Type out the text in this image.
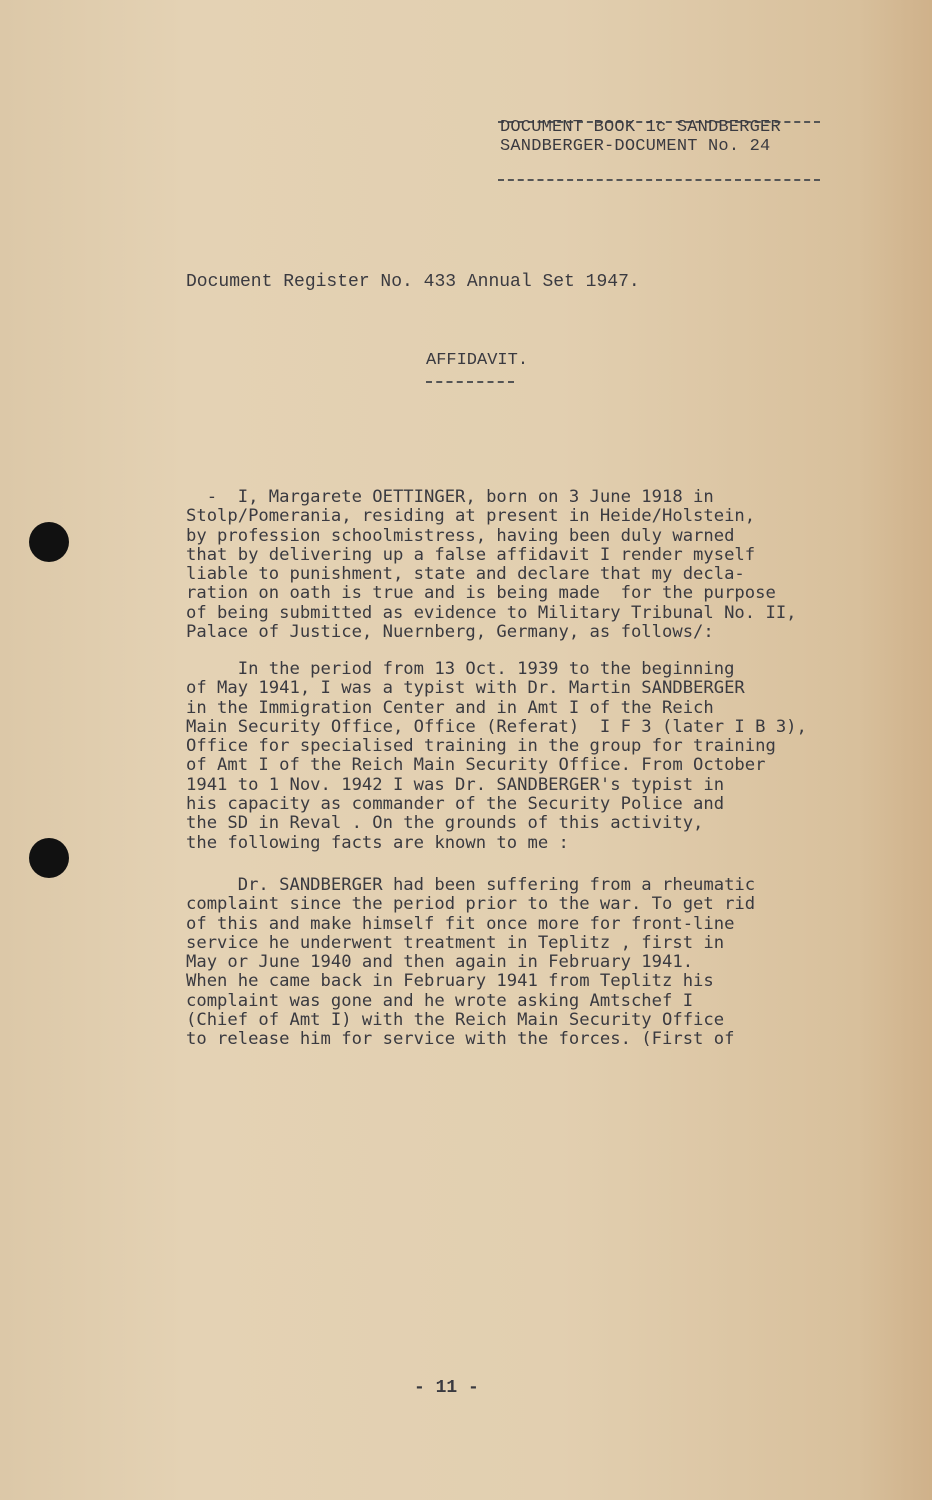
DOCUMENT BOOK 1c SANDBERGER
SANDBERGER-DOCUMENT No. 24
Document Register No. 433 Annual Set 1947.
AFFIDAVIT.
-  I, Margarete OETTINGER, born on 3 June 1918 in
Stolp/Pomerania, residing at present in Heide/Holstein,
by profession schoolmistress, having been duly warned
that by delivering up a false affidavit I render myself
liable to punishment, state and declare that my decla-
ration on oath is true and is being made  for the purpose
of being submitted as evidence to Military Tribunal No. II,
Palace of Justice, Nuernberg, Germany, as follows/:
In the period from 13 Oct. 1939 to the beginning
of May 1941, I was a typist with Dr. Martin SANDBERGER
in the Immigration Center and in Amt I of the Reich
Main Security Office, Office (Referat)  I F 3 (later I B 3),
Office for specialised training in the group for training
of Amt I of the Reich Main Security Office. From October
1941 to 1 Nov. 1942 I was Dr. SANDBERGER's typist in
his capacity as commander of the Security Police and
the SD in Reval . On the grounds of this activity,
the following facts are known to me :
Dr. SANDBERGER had been suffering from a rheumatic
complaint since the period prior to the war. To get rid
of this and make himself fit once more for front-line
service he underwent treatment in Teplitz , first in
May or June 1940 and then again in February 1941.
When he came back in February 1941 from Teplitz his
complaint was gone and he wrote asking Amtschef I
(Chief of Amt I) with the Reich Main Security Office
to release him for service with the forces. (First of
- 11 -
